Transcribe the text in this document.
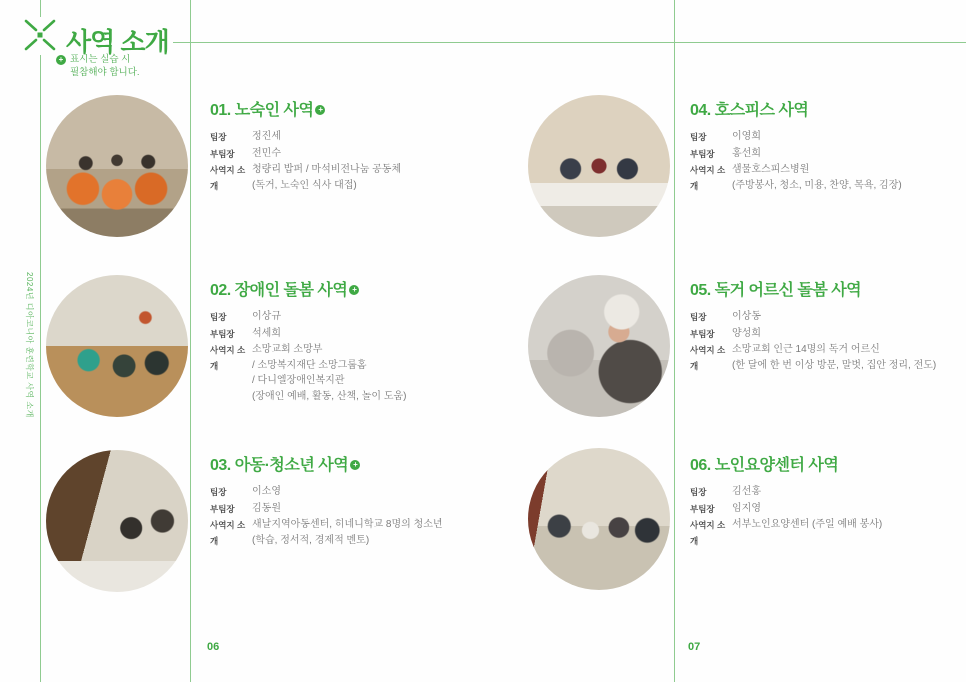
사역 소개
+
표시는 실습 시
필참해야 합니다.
2024년 디아코니아 훈련학교 사역 소개
01. 노숙인 사역+
팀장	정진세
부팀장	전민수
사역지 소개
청량리 밥퍼 / 마석비전나눔 공동체
(독거, 노숙인 식사 대접)
02. 장애인 돌봄 사역+
팀장	이상규
부팀장	석세희
사역지 소개
소망교회 소망부
/ 소망복지재단 소망그룹홈
/ 다니엘장애인복지관
(장애인 예배, 활동, 산책, 놀이 도움)
03. 아동·청소년 사역+
팀장	이소영
부팀장	김동원
사역지 소개
새날지역아동센터, 히네니학교 8명의 청소년
(학습, 정서적, 경제적 멘토)
04. 호스피스 사역
팀장	이영희
부팀장	홍선희
사역지 소개
샘물호스피스병원
(주방봉사, 청소, 미용, 찬양, 목욕, 김장)
05. 독거 어르신 돌봄 사역
팀장	이상동
부팀장	양성희
사역지 소개
소망교회 인근 14명의 독거 어르신
(한 달에 한 번 이상 방문, 말벗, 집안 정리, 전도)
06. 노인요양센터 사역
팀장	김선홍
부팀장	임지영
사역지 소개
서부노인요양센터 (주일 예배 봉사)
06	07
